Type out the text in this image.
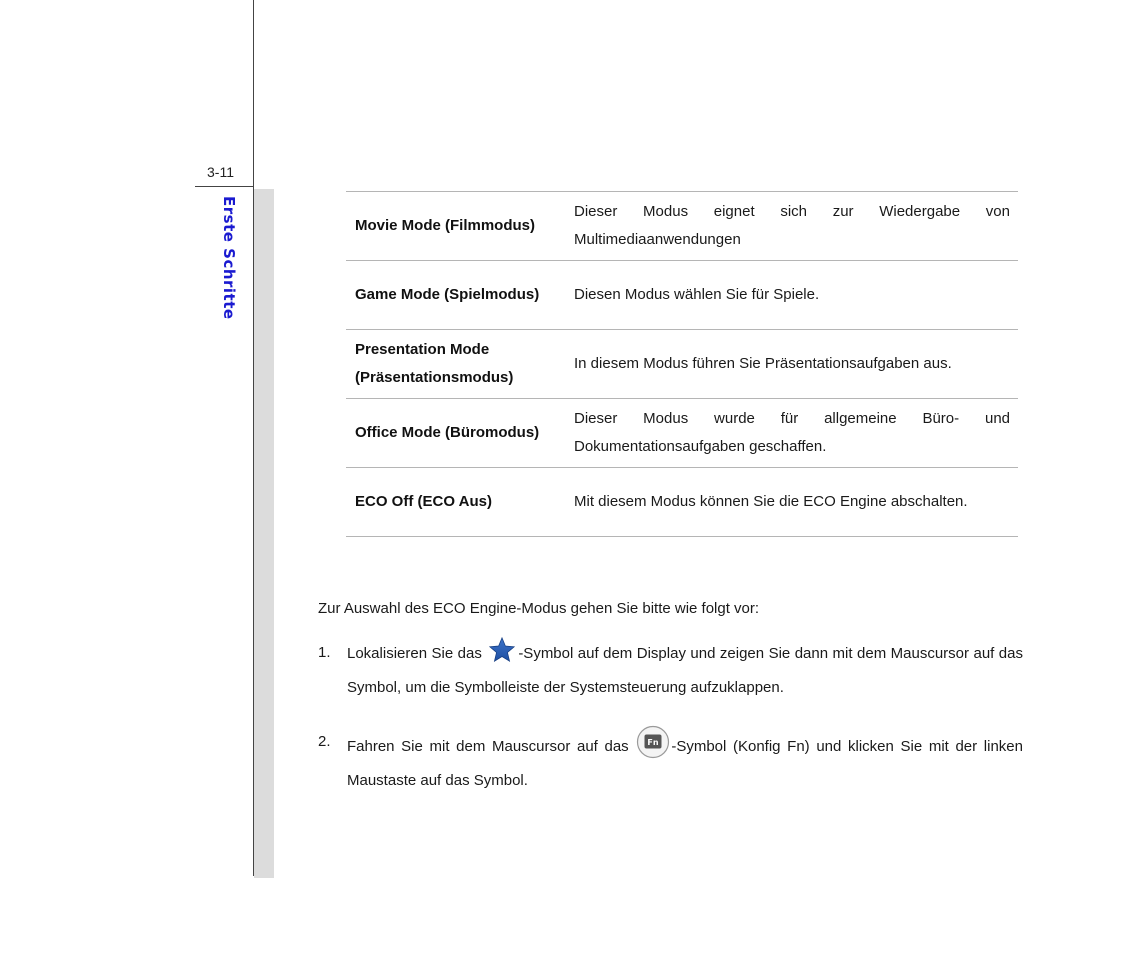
3-11
Erste Schritte	Movie Mode (Filmmodus)	Dieser Modus eignet sich zur Wiedergabe von Multimediaanwendungen
Game Mode (Spielmodus)	Diesen Modus wählen Sie für Spiele.
Presentation Mode (Präsentationsmodus)	In diesem Modus führen Sie Präsentationsaufgaben aus.
Office Mode (Büromodus)	Dieser Modus wurde für allgemeine Büro- und Dokumentationsaufgaben geschaffen.
ECO Off (ECO Aus)	Mit diesem Modus können Sie die ECO Engine abschalten.

Zur Auswahl des ECO Engine-Modus gehen Sie bitte wie folgt vor:

1. Lokalisieren Sie das -Symbol auf dem Display und zeigen Sie dann mit dem Mauscursor auf das Symbol, um die Symbolleiste der Systemsteuerung aufzuklappen.
2. Fahren Sie mit dem Mauscursor auf das Fn -Symbol (Konfig Fn) und klicken Sie mit der linken Maustaste auf das Symbol.
